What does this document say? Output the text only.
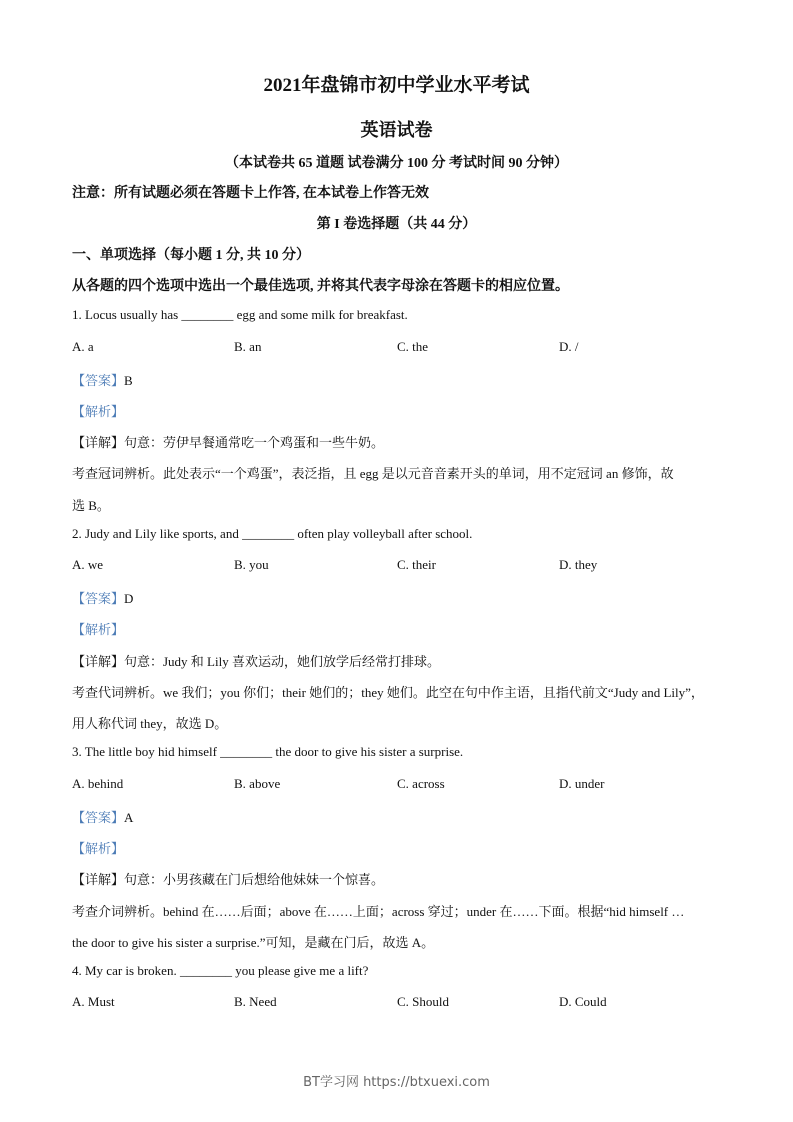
2021年盘锦市初中学业水平考试
英语试卷
（本试卷共 65 道题 试卷满分 100 分 考试时间 90 分钟）
注意：所有试题必须在答题卡上作答, 在本试卷上作答无效
第 I 卷选择题（共 44 分）
一、单项选择（每小题 1 分, 共 10 分）
从各题的四个选项中选出一个最佳选项, 并将其代表字母涂在答题卡的相应位置。
1. Locus usually has ________ egg and some milk for breakfast.
A. a	B. an	C. the	D. /
【答案】B
【解析】
【详解】句意：劳伊早餐通常吃一个鸡蛋和一些牛奶。
考查冠词辨析。此处表示“一个鸡蛋”，表泛指，且 egg 是以元音音素开头的单词，用不定冠词 an 修饰，故
选 B。
2. Judy and Lily like sports, and ________ often play volleyball after school.
A. we	B. you	C. their	D. they
【答案】D
【解析】
【详解】句意：Judy 和 Lily 喜欢运动，她们放学后经常打排球。
考查代词辨析。we 我们；you 你们；their 她们的；they 她们。此空在句中作主语，且指代前文“Judy and Lily”，
用人称代词 they，故选 D。
3. The little boy hid himself ________ the door to give his sister a surprise.
A. behind	B. above	C. across	D. under
【答案】A
【解析】
【详解】句意：小男孩藏在门后想给他妹妹一个惊喜。
考查介词辨析。behind 在……后面；above 在……上面；across 穿过；under 在……下面。根据“hid himself …
the door to give his sister a surprise.”可知，是藏在门后，故选 A。
4. My car is broken. ________ you please give me a lift?
A. Must	B. Need	C. Should	D. Could
BT学习网 https://btxuexi.com
